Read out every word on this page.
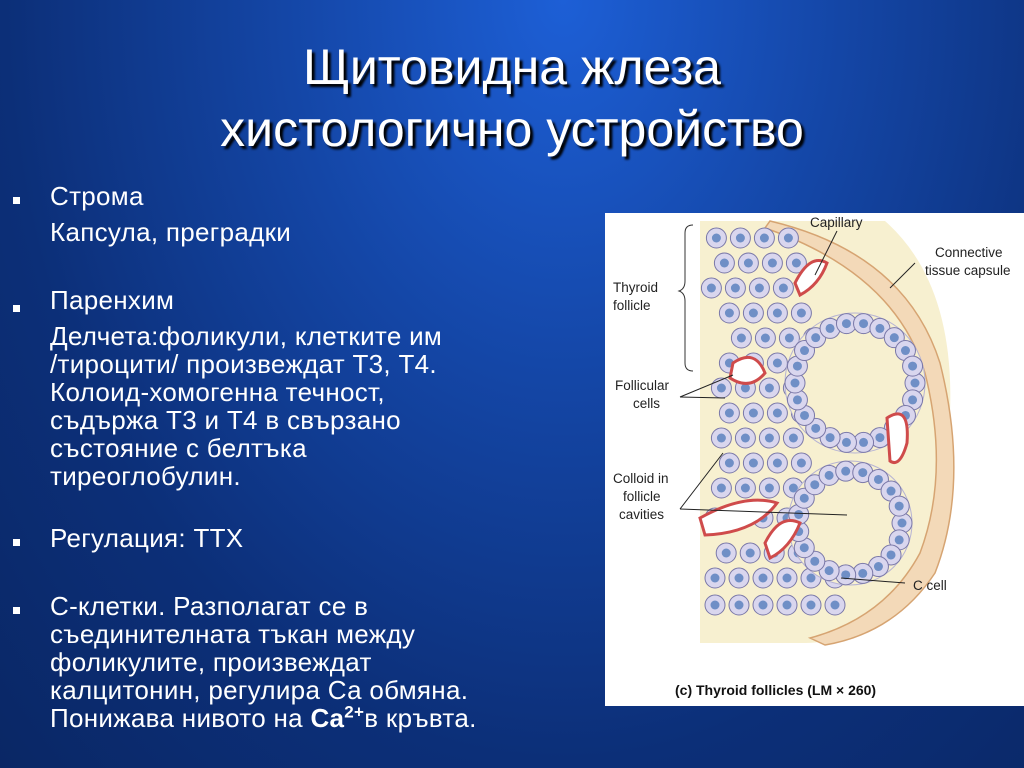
Щитовидна жлеза
хистологично устройство
Строма
Капсула, преградки
Паренхим
Делчета:фоликули, клетките им
/тироцити/ произвеждат Т3, Т4.
Колоид-хомогенна течност,
съдържа Т3 и Т4 в свързано
състояние с белтъка
тиреоглобулин.
Регулация: ТТХ
С-клетки. Разполагат се в
съединителната тъкан между
фоликулите, произвеждат
калцитонин, регулира Са обмяна.
Понижава нивото на $Ca^{2+}в$ кръвта.
Capillary
Connective
tissue capsule
Thyroid
follicle
Follicular
cells
Colloid in
follicle
cavities
C cell
(c) Thyroid follicles (LM × 260)
